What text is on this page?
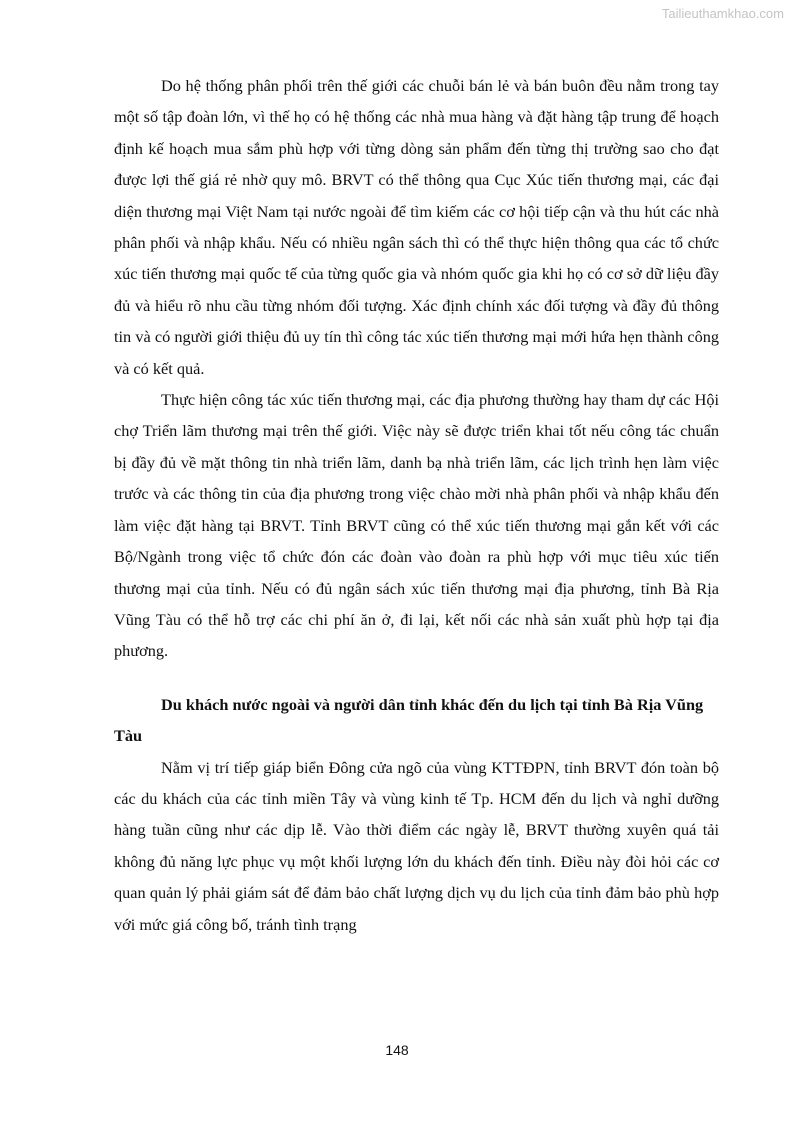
Tailieuthamkhao.com

Do hệ thống phân phối trên thế giới các chuỗi bán lẻ và bán buôn đều nằm trong tay một số tập đoàn lớn, vì thế họ có hệ thống các nhà mua hàng và đặt hàng tập trung để hoạch định kế hoạch mua sắm phù hợp với từng dòng sản phẩm đến từng thị trường sao cho đạt được lợi thế giá rẻ nhờ quy mô. BRVT có thể thông qua Cục Xúc tiến thương mại, các đại diện thương mại Việt Nam tại nước ngoài để tìm kiếm các cơ hội tiếp cận và thu hút các nhà phân phối và nhập khẩu. Nếu có nhiều ngân sách thì có thể thực hiện thông qua các tổ chức xúc tiến thương mại quốc tế của từng quốc gia và nhóm quốc gia khi họ có cơ sở dữ liệu đầy đủ và hiểu rõ nhu cầu từng nhóm đối tượng. Xác định chính xác đối tượng và đầy đủ thông tin và có người giới thiệu đủ uy tín thì công tác xúc tiến thương mại mới hứa hẹn thành công và có kết quả.

Thực hiện công tác xúc tiến thương mại, các địa phương thường hay tham dự các Hội chợ Triển lãm thương mại trên thế giới. Việc này sẽ được triển khai tốt nếu công tác chuẩn bị đầy đủ về mặt thông tin nhà triển lãm, danh bạ nhà triển lãm, các lịch trình hẹn làm việc trước và các thông tin của địa phương trong việc chào mời nhà phân phối và nhập khẩu đến làm việc đặt hàng tại BRVT. Tỉnh BRVT cũng có thể xúc tiến thương mại gắn kết với các Bộ/Ngành trong việc tổ chức đón các đoàn vào đoàn ra phù hợp với mục tiêu xúc tiến thương mại của tỉnh. Nếu có đủ ngân sách xúc tiến thương mại địa phương, tỉnh Bà Rịa Vũng Tàu có thể hỗ trợ các chi phí ăn ở, đi lại, kết nối các nhà sản xuất phù hợp tại địa phương.

Du khách nước ngoài và người dân tỉnh khác đến du lịch tại tỉnh Bà Rịa Vũng Tàu

Nằm vị trí tiếp giáp biển Đông cửa ngõ của vùng KTTĐPN, tỉnh BRVT đón toàn bộ các du khách của các tỉnh miền Tây và vùng kinh tế Tp. HCM đến du lịch và nghỉ dưỡng hàng tuần cũng như các dịp lễ. Vào thời điểm các ngày lễ, BRVT thường xuyên quá tải không đủ năng lực phục vụ một khối lượng lớn du khách đến tỉnh. Điều này đòi hỏi các cơ quan quản lý phải giám sát để đảm bảo chất lượng dịch vụ du lịch của tỉnh đảm bảo phù hợp với mức giá công bố, tránh tình trạng

148
